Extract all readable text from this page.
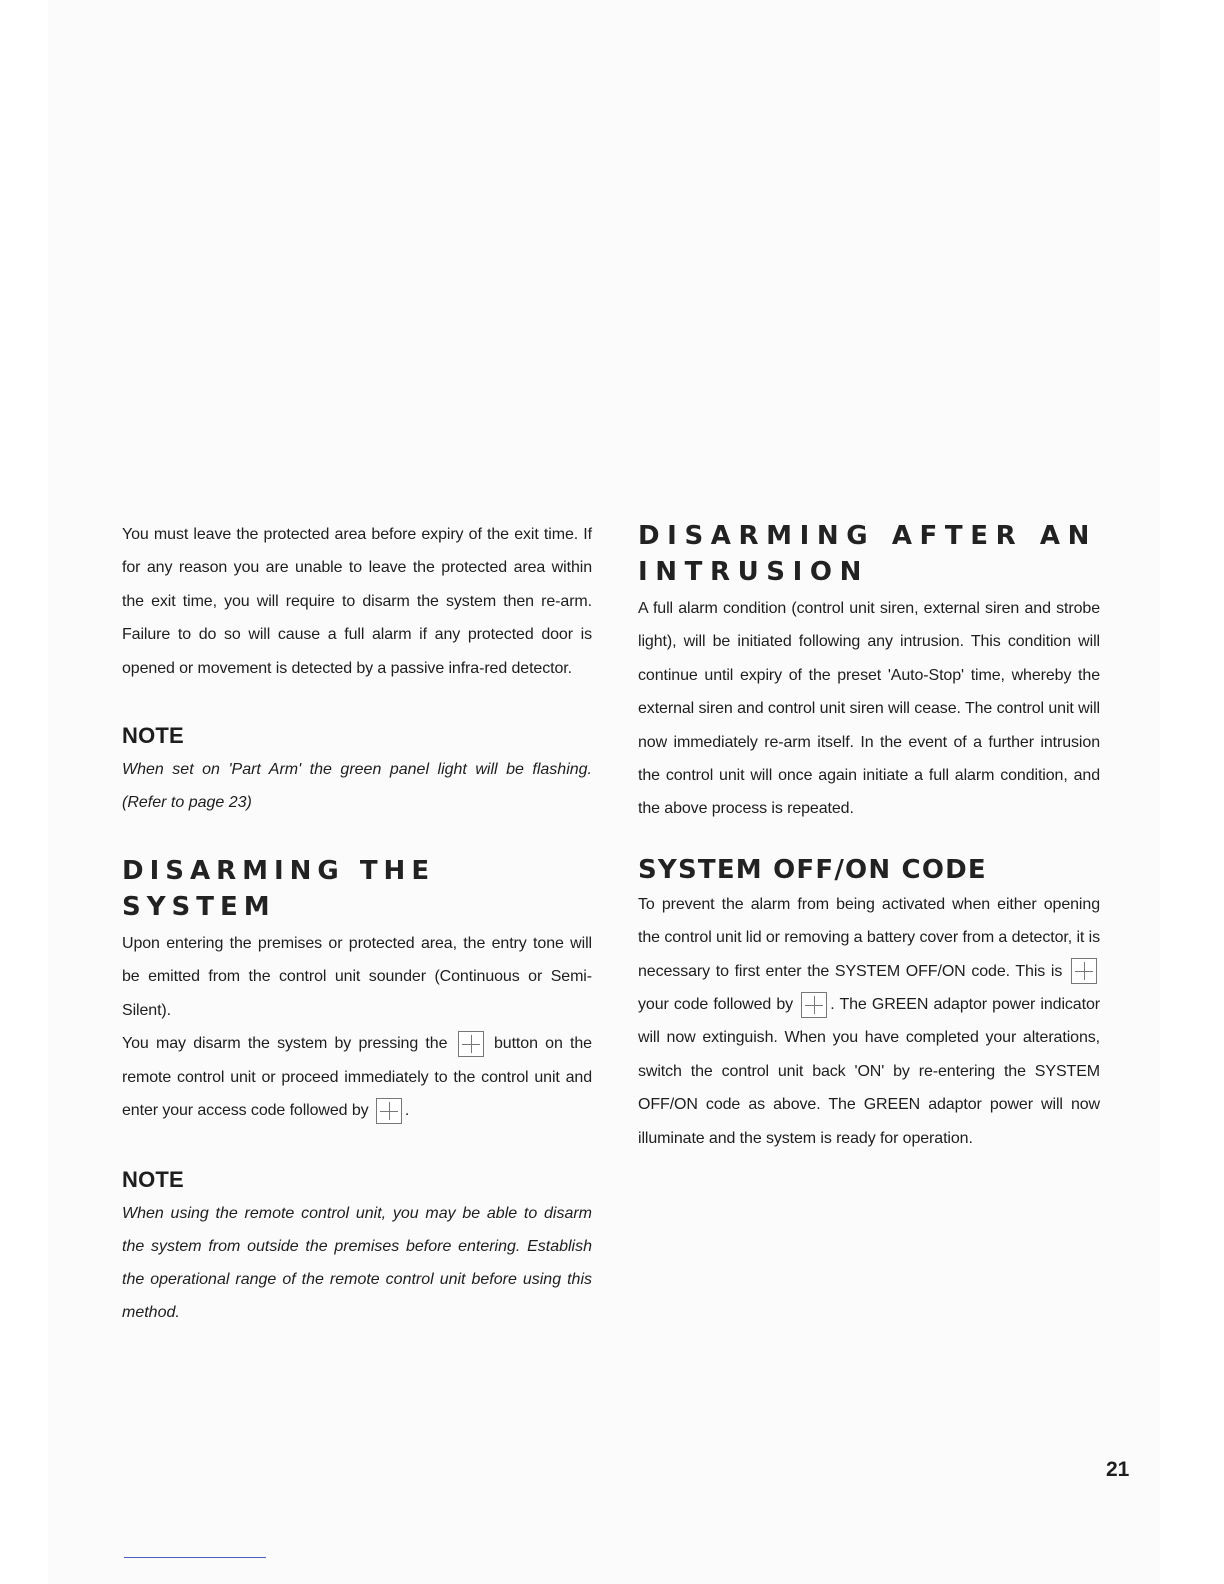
You must leave the protected area before expiry of the exit time. If for any reason you are unable to leave the protected area within the exit time, you will require to disarm the system then re-arm. Failure to do so will cause a full alarm if any protected door is opened or movement is detected by a passive infra-red detector.

NOTE

When set on 'Part Arm' the green panel light will be flashing. (Refer to page 23)

DISARMING THE
SYSTEM

Upon entering the premises or protected area, the entry tone will be emitted from the control unit sounder (Continuous or Semi-Silent).

You may disarm the system by pressing the	button on the remote control unit or proceed immediately to the control unit and enter your access code followed by .

NOTE

When using the remote control unit, you may be able to disarm the system from outside the premises before entering. Establish the operational range of the remote control unit before using this method.

DISARMING AFTER AN
INTRUSION

A full alarm condition (control unit siren, external siren and strobe light), will be initiated following any intrusion. This condition will continue until expiry of the preset 'Auto-Stop' time, whereby the external siren and control unit siren will cease. The control unit will now immediately re-arm itself. In the event of a further intrusion the control unit will once again initiate a full alarm condition, and the above process is repeated.

SYSTEM OFF/ON CODE

To prevent the alarm from being activated when either opening the control unit lid or removing a battery cover from a detector, it is necessary to first enter the SYSTEM OFF/ON code. This is  your code followed by . The GREEN adaptor power indicator will now extinguish. When you have completed your alterations, switch the control unit back 'ON' by re-entering the SYSTEM OFF/ON code as above. The GREEN adaptor power will now illuminate and the system is ready for operation.

21
